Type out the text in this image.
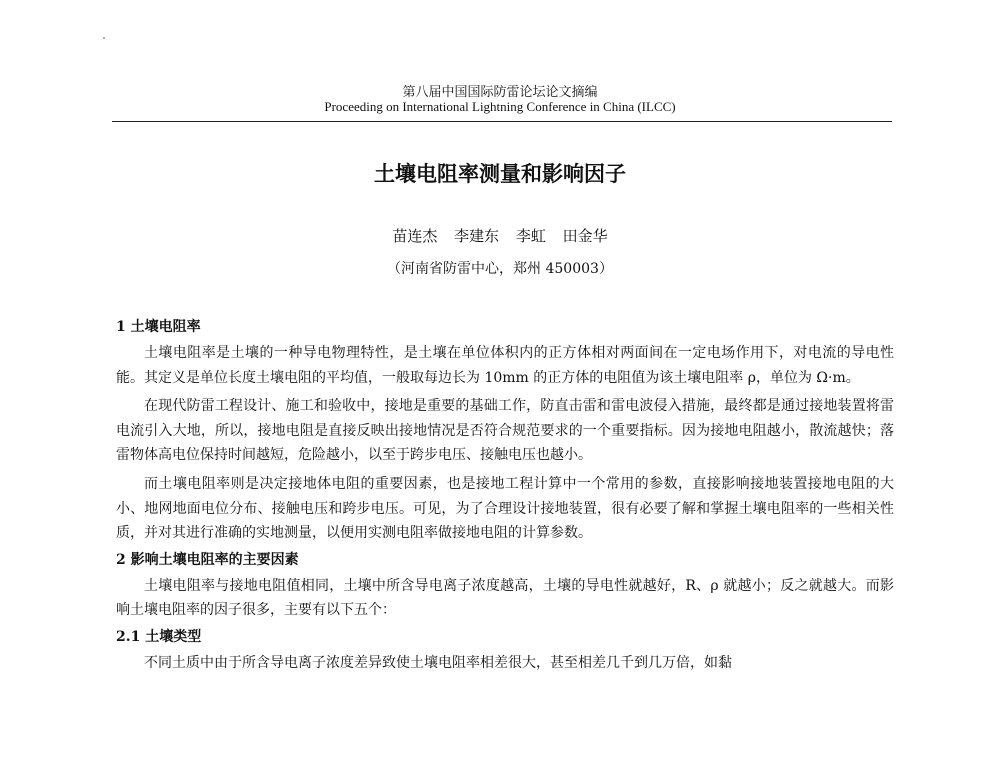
第八届中国国际防雷论坛论文摘编
Proceeding on International Lightning Conference in China (ILCC)
土壤电阻率测量和影响因子
苗连杰 李建东 李虹 田金华
（河南省防雷中心，郑州 450003）
1 土壤电阻率

土壤电阻率是土壤的一种导电物理特性，是土壤在单位体积内的正方体相对两面间在一定电场作用下，对电流的导电性能。其定义是单位长度土壤电阻的平均值，一般取每边长为 10mm 的正方体的电阻值为该土壤电阻率 ρ，单位为 Ω·m。

在现代防雷工程设计、施工和验收中，接地是重要的基础工作，防直击雷和雷电波侵入措施，最终都是通过接地装置将雷电流引入大地，所以，接地电阻是直接反映出接地情况是否符合规范要求的一个重要指标。因为接地电阻越小，散流越快；落雷物体高电位保持时间越短，危险越小，以至于跨步电压、接触电压也越小。

而土壤电阻率则是决定接地体电阻的重要因素，也是接地工程计算中一个常用的参数，直接影响接地装置接地电阻的大小、地网地面电位分布、接触电压和跨步电压。可见，为了合理设计接地装置，很有必要了解和掌握土壤电阻率的一些相关性质，并对其进行准确的实地测量，以便用实测电阻率做接地电阻的计算参数。

2 影响土壤电阻率的主要因素

土壤电阻率与接地电阻值相同，土壤中所含导电离子浓度越高，土壤的导电性就越好，R、ρ 就越小；反之就越大。而影响土壤电阻率的因子很多，主要有以下五个：

2.1 土壤类型

不同土质中由于所含导电离子浓度差异致使土壤电阻率相差很大，甚至相差几千到几万倍，如黏
